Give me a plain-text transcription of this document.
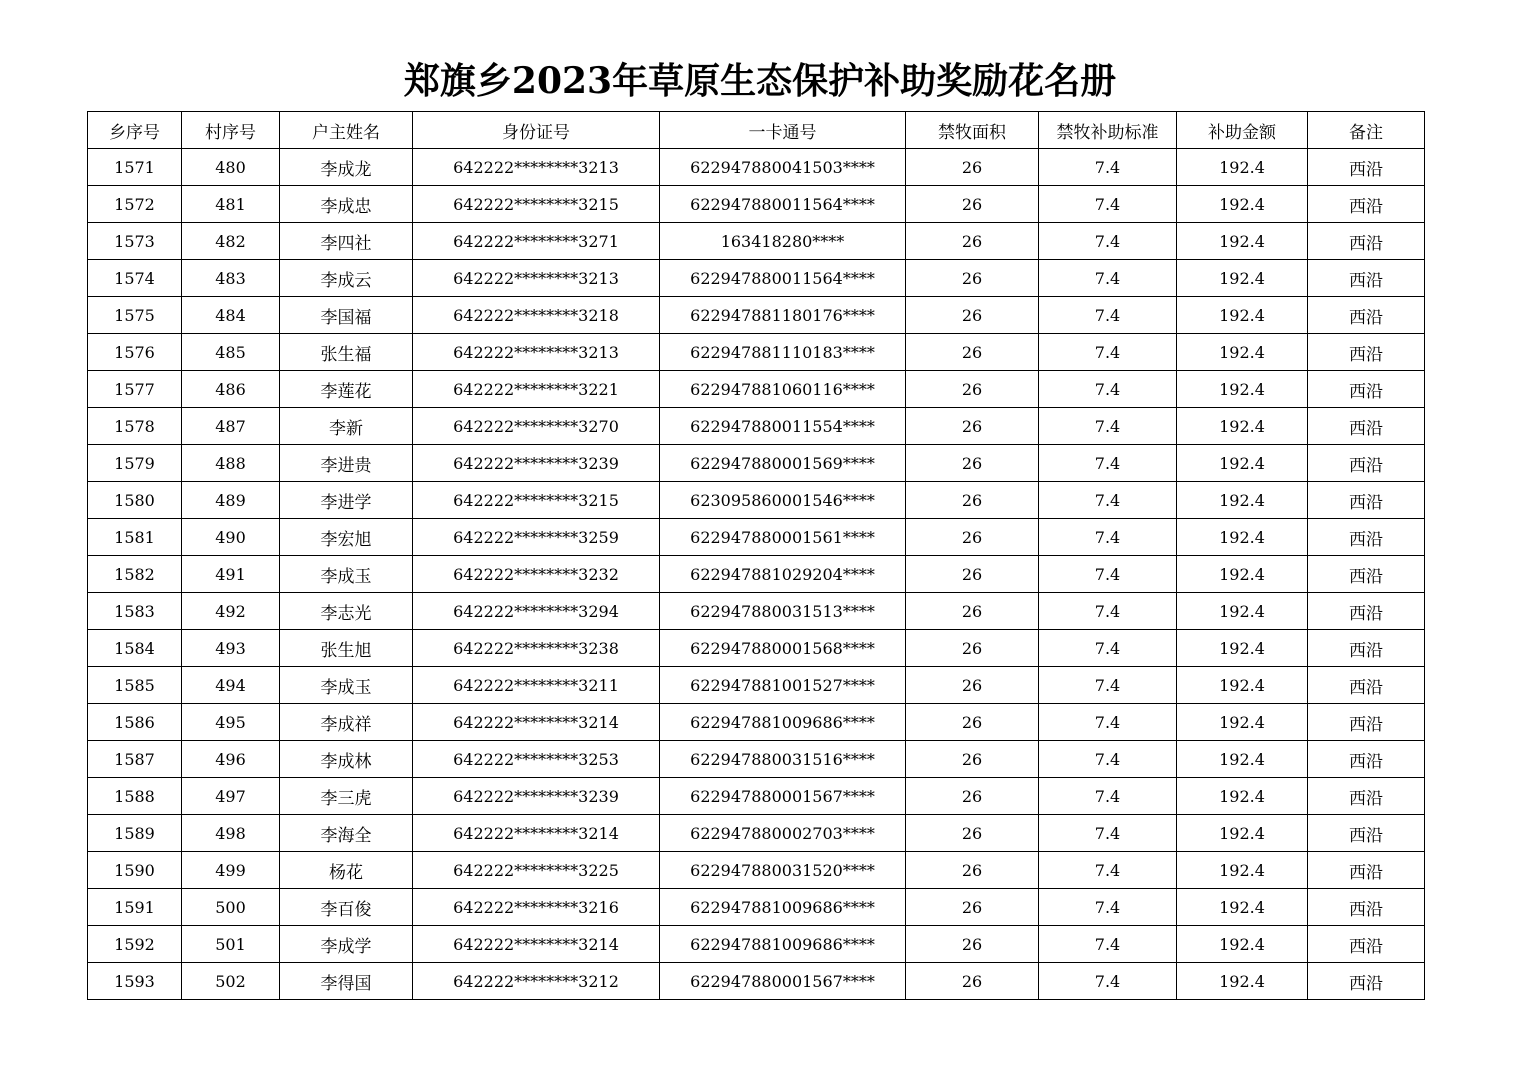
郑旗乡2023年草原生态保护补助奖励花名册
乡序号	村序号	户主姓名	身份证号	一卡通号	禁牧面积	禁牧补助标准	补助金额	备注
1571	480	李成龙	642222********3213	622947880041503****	26	7.4	192.4	西沿
1572	481	李成忠	642222********3215	622947880011564****	26	7.4	192.4	西沿
1573	482	李四社	642222********3271	163418280****	26	7.4	192.4	西沿
1574	483	李成云	642222********3213	622947880011564****	26	7.4	192.4	西沿
1575	484	李国福	642222********3218	622947881180176****	26	7.4	192.4	西沿
1576	485	张生福	642222********3213	622947881110183****	26	7.4	192.4	西沿
1577	486	李莲花	642222********3221	622947881060116****	26	7.4	192.4	西沿
1578	487	李新	642222********3270	622947880011554****	26	7.4	192.4	西沿
1579	488	李进贵	642222********3239	622947880001569****	26	7.4	192.4	西沿
1580	489	李进学	642222********3215	623095860001546****	26	7.4	192.4	西沿
1581	490	李宏旭	642222********3259	622947880001561****	26	7.4	192.4	西沿
1582	491	李成玉	642222********3232	622947881029204****	26	7.4	192.4	西沿
1583	492	李志光	642222********3294	622947880031513****	26	7.4	192.4	西沿
1584	493	张生旭	642222********3238	622947880001568****	26	7.4	192.4	西沿
1585	494	李成玉	642222********3211	622947881001527****	26	7.4	192.4	西沿
1586	495	李成祥	642222********3214	622947881009686****	26	7.4	192.4	西沿
1587	496	李成林	642222********3253	622947880031516****	26	7.4	192.4	西沿
1588	497	李三虎	642222********3239	622947880001567****	26	7.4	192.4	西沿
1589	498	李海全	642222********3214	622947880002703****	26	7.4	192.4	西沿
1590	499	杨花	642222********3225	622947880031520****	26	7.4	192.4	西沿
1591	500	李百俊	642222********3216	622947881009686****	26	7.4	192.4	西沿
1592	501	李成学	642222********3214	622947881009686****	26	7.4	192.4	西沿
1593	502	李得国	642222********3212	622947880001567****	26	7.4	192.4	西沿
